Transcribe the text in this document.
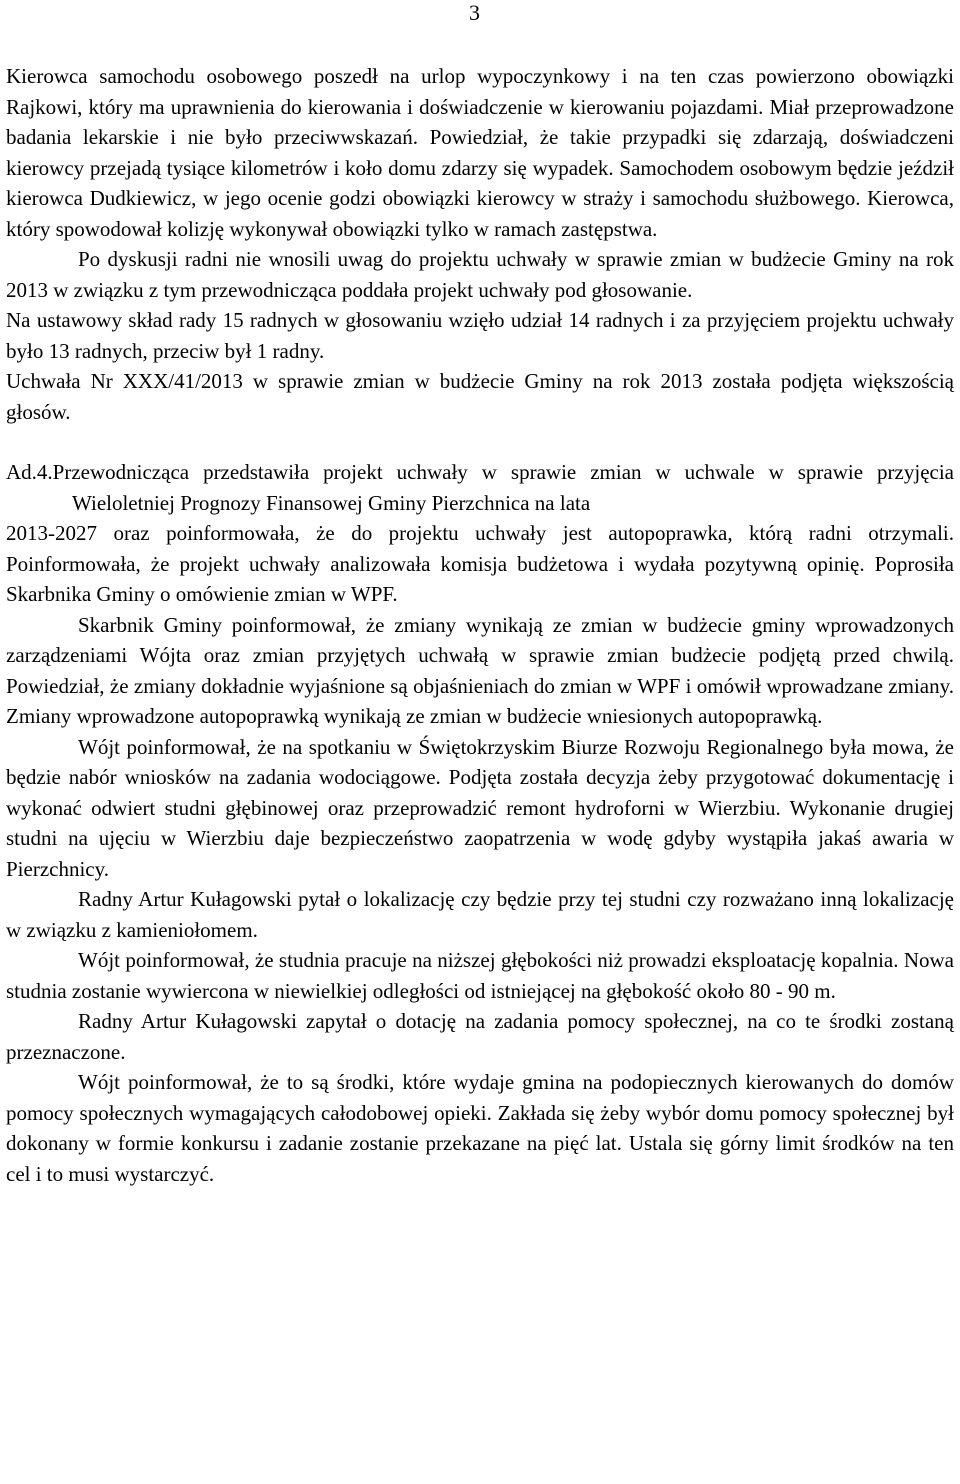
3

Kierowca samochodu osobowego poszedł na urlop wypoczynkowy i na ten czas powierzono obowiązki Rajkowi, który ma uprawnienia do kierowania i doświadczenie w kierowaniu pojazdami. Miał przeprowadzone badania lekarskie i nie było przeciwwskazań. Powiedział, że takie przypadki się zdarzają, doświadczeni kierowcy przejadą tysiące kilometrów i koło domu zdarzy się wypadek. Samochodem osobowym będzie jeździł kierowca Dudkiewicz, w jego ocenie godzi obowiązki kierowcy w straży i samochodu służbowego. Kierowca, który spowodował kolizję wykonywał obowiązki tylko w ramach zastępstwa.

Po dyskusji radni nie wnosili uwag do projektu uchwały w sprawie zmian w budżecie Gminy na rok 2013 w związku z tym przewodnicząca poddała projekt uchwały pod głosowanie.

Na ustawowy skład rady 15 radnych w głosowaniu wzięło udział 14 radnych i za przyjęciem projektu uchwały było 13 radnych, przeciw był 1 radny.

Uchwała Nr XXX/41/2013 w sprawie zmian w budżecie Gminy na rok 2013 została podjęta większością głosów.

Ad.4.Przewodnicząca przedstawiła projekt uchwały w sprawie zmian w uchwale w sprawie przyjęcia Wieloletniej Prognozy Finansowej Gminy Pierzchnica na lata

2013-2027 oraz poinformowała, że do projektu uchwały jest autopoprawka, którą radni otrzymali. Poinformowała, że projekt uchwały analizowała komisja budżetowa i wydała pozytywną opinię. Poprosiła Skarbnika Gminy o omówienie zmian w WPF.

Skarbnik Gminy poinformował, że zmiany wynikają ze zmian w budżecie gminy wprowadzonych zarządzeniami Wójta oraz zmian przyjętych uchwałą w sprawie zmian budżecie podjętą przed chwilą. Powiedział, że zmiany dokładnie wyjaśnione są objaśnieniach do zmian w WPF i omówił wprowadzane zmiany. Zmiany wprowadzone autopoprawką wynikają ze zmian w budżecie wniesionych autopoprawką.

Wójt poinformował, że na spotkaniu w Świętokrzyskim Biurze Rozwoju Regionalnego była mowa, że będzie nabór wniosków na zadania wodociągowe. Podjęta została decyzja żeby przygotować dokumentację i wykonać odwiert studni głębinowej oraz przeprowadzić remont hydroforni w Wierzbiu. Wykonanie drugiej studni na ujęciu w Wierzbiu daje bezpieczeństwo zaopatrzenia w wodę gdyby wystąpiła jakaś awaria w Pierzchnicy.

Radny Artur Kułagowski pytał o lokalizację czy będzie przy tej studni czy rozważano inną lokalizację w związku z kamieniołomem.

Wójt poinformował, że studnia pracuje na niższej głębokości niż prowadzi eksploatację kopalnia. Nowa studnia zostanie wywiercona w niewielkiej odległości od istniejącej na głębokość około 80 - 90 m.

Radny Artur Kułagowski zapytał o dotację na zadania pomocy społecznej, na co te środki zostaną przeznaczone.

Wójt poinformował, że to są środki, które wydaje gmina na podopiecznych kierowanych do domów pomocy społecznych wymagających całodobowej opieki. Zakłada się żeby wybór domu pomocy społecznej był dokonany w formie konkursu i zadanie zostanie przekazane na pięć lat. Ustala się górny limit środków na ten cel i to musi wystarczyć.
